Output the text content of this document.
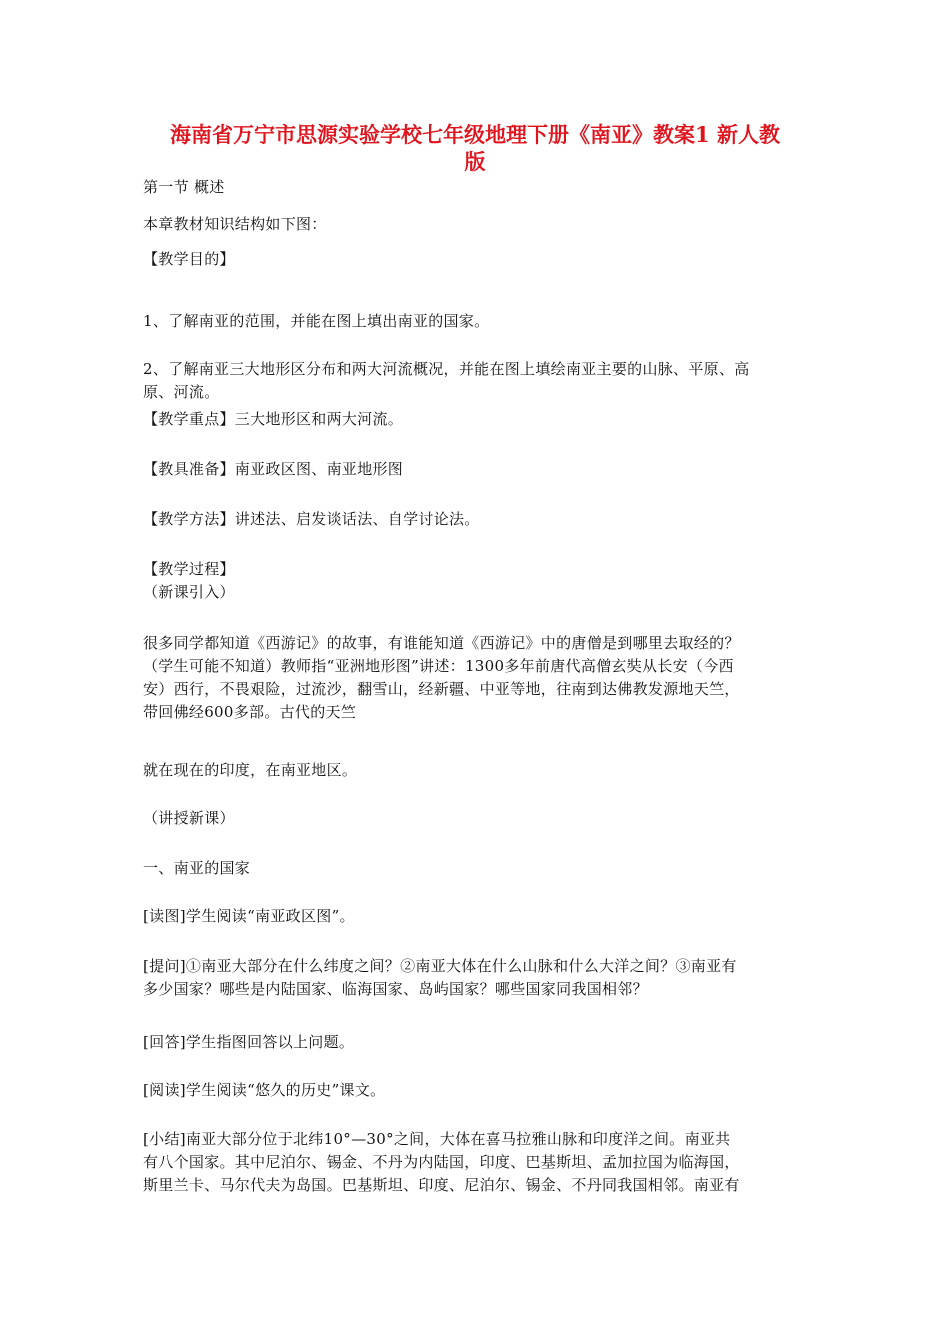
海南省万宁市思源实验学校七年级地理下册《南亚》教案1 新人教
版
第一节 概述
本章教材知识结构如下图：
【教学目的】
1、了解南亚的范围，并能在图上填出南亚的国家。
2、了解南亚三大地形区分布和两大河流概况，并能在图上填绘南亚主要的山脉、平原、高
原、河流。
【教学重点】三大地形区和两大河流。
【教具准备】南亚政区图、南亚地形图
【教学方法】讲述法、启发谈话法、自学讨论法。
【教学过程】
（新课引入）
很多同学都知道《西游记》的故事，有谁能知道《西游记》中的唐僧是到哪里去取经的？
（学生可能不知道）教师指“亚洲地形图”讲述：1300多年前唐代高僧玄奘从长安（今西
安）西行，不畏艰险，过流沙，翻雪山，经新疆、中亚等地，往南到达佛教发源地天竺，
带回佛经600多部。古代的天竺
就在现在的印度，在南亚地区。
（讲授新课）
一、南亚的国家
[读图]学生阅读“南亚政区图”。
[提问]①南亚大部分在什么纬度之间？②南亚大体在什么山脉和什么大洋之间？③南亚有
多少国家？哪些是内陆国家、临海国家、岛屿国家？哪些国家同我国相邻？
[回答]学生指图回答以上问题。
[阅读]学生阅读“悠久的历史”课文。
[小结]南亚大部分位于北纬10°—30°之间，大体在喜马拉雅山脉和印度洋之间。南亚共
有八个国家。其中尼泊尔、锡金、不丹为内陆国，印度、巴基斯坦、孟加拉国为临海国，
斯里兰卡、马尔代夫为岛国。巴基斯坦、印度、尼泊尔、锡金、不丹同我国相邻。南亚有
